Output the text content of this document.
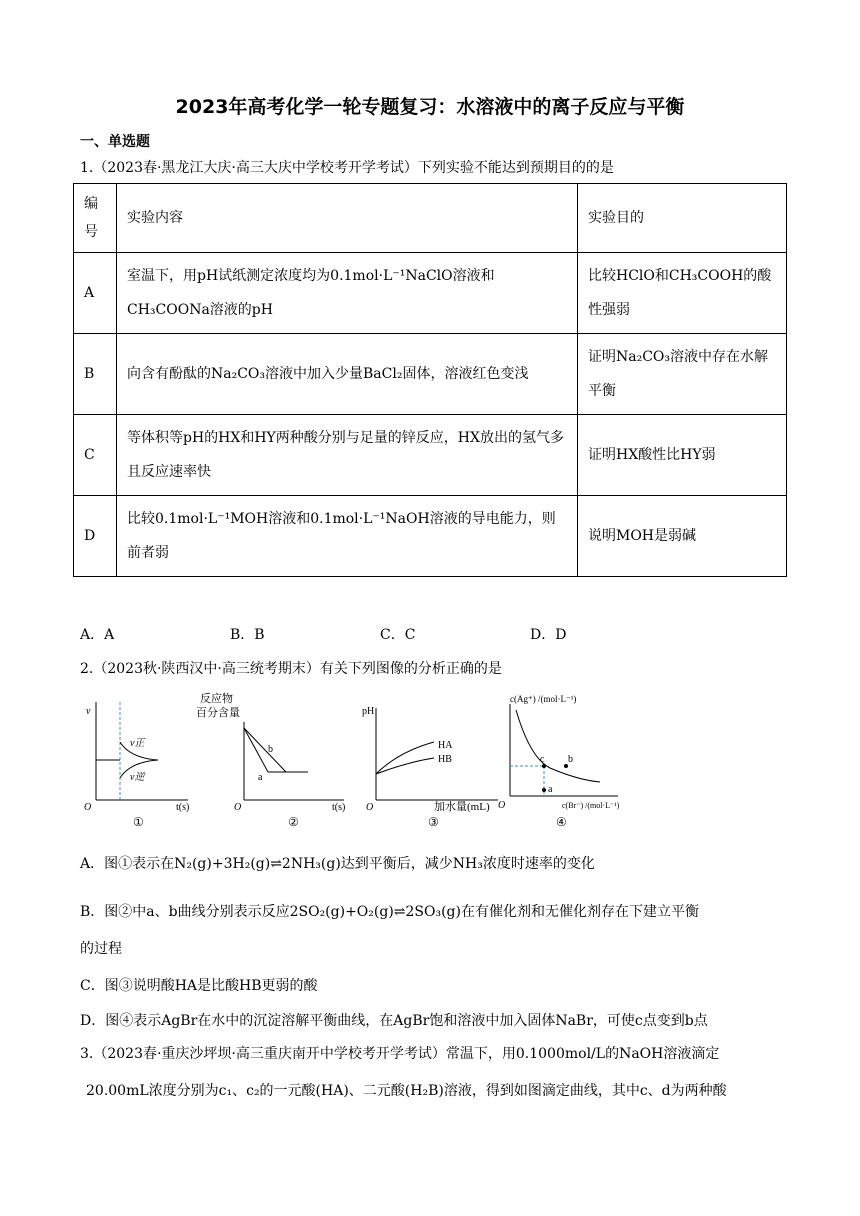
2023年高考化学一轮专题复习：水溶液中的离子反应与平衡
一、单选题
1.（2023春·黑龙江大庆·高三大庆中学校考开学考试）下列实验不能达到预期目的的是
编号	实验内容	实验目的
A	室温下，用pH试纸测定浓度均为0.1mol·L⁻¹NaClO溶液和CH₃COONa溶液的pH	比较HClO和CH₃COOH的酸性强弱
B	向含有酚酞的Na₂CO₃溶液中加入少量BaCl₂固体，溶液红色变浅	证明Na₂CO₃溶液中存在水解平衡
C	等体积等pH的HX和HY两种酸分别与足量的锌反应，HX放出的氢气多且反应速率快	证明HX酸性比HY弱
D	比较0.1mol·L⁻¹MOH溶液和0.1mol·L⁻¹NaOH溶液的导电能力，则前者弱	说明MOH是弱碱
A．A	B．B	C．C	D．D
2.（2023秋·陕西汉中·高三统考期末）有关下列图像的分析正确的是
v
O	t(s)
v正
v逆
①
反应物
百分含量
O	t(s)
a
b
②
pH
O	加水量(mL)
HA
HB
③
c(Ag⁺) /(mol·L⁻¹)
O	c(Br⁻) /(mol·L⁻¹)
c b
a
④
A．图①表示在N₂(g)+3H₂(g)⇌2NH₃(g)达到平衡后，减少NH₃浓度时速率的变化
B．图②中a、b曲线分别表示反应2SO₂(g)+O₂(g)⇌2SO₃(g)在有催化剂和无催化剂存在下建立平衡
的过程
C．图③说明酸HA是比酸HB更弱的酸
D．图④表示AgBr在水中的沉淀溶解平衡曲线，在AgBr饱和溶液中加入固体NaBr，可使c点变到b点
3.（2023春·重庆沙坪坝·高三重庆南开中学校考开学考试）常温下，用0.1000mol/L的NaOH溶液滴定
20.00mL浓度分别为c₁、c₂的一元酸(HA)、二元酸(H₂B)溶液，得到如图滴定曲线，其中c、d为两种酸
